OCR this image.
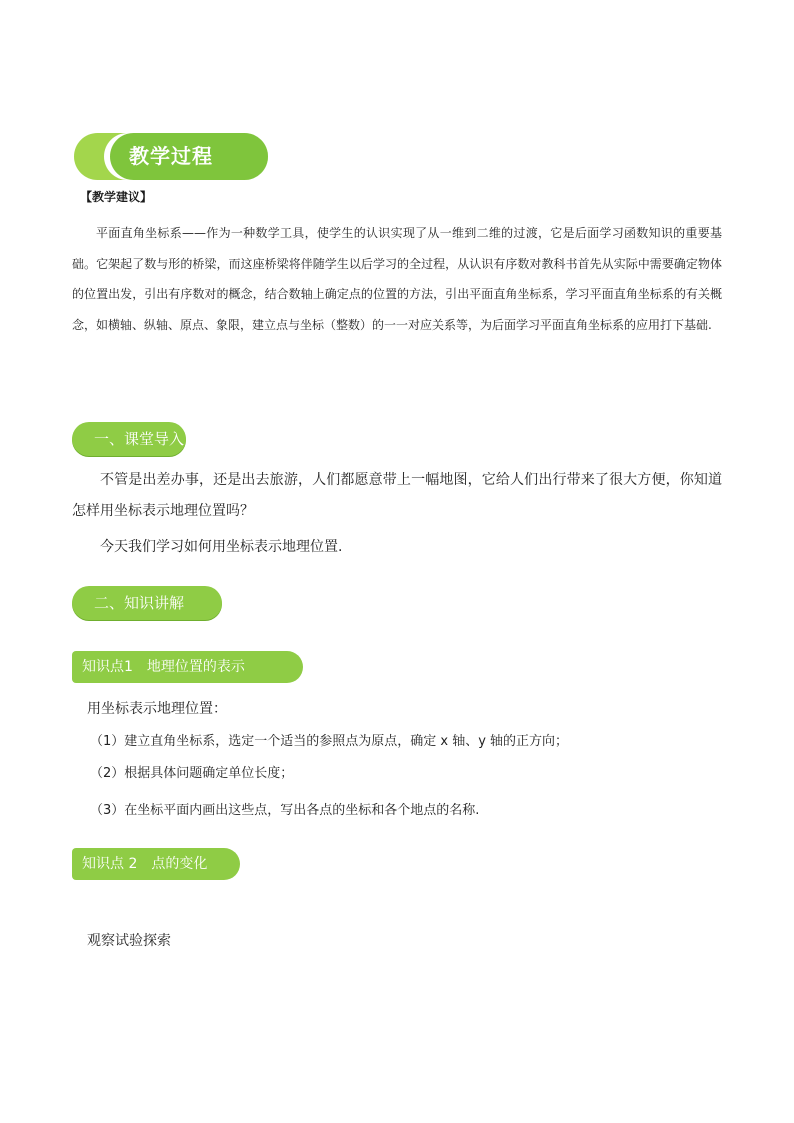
教学过程
【教学建议】
平面直角坐标系——作为一种数学工具，使学生的认识实现了从一维到二维的过渡，它是后面学习函数知识的重要基础。它架起了数与形的桥梁，而这座桥梁将伴随学生以后学习的全过程，从认识有序数对教科书首先从实际中需要确定物体的位置出发，引出有序数对的概念，结合数轴上确定点的位置的方法，引出平面直角坐标系，学习平面直角坐标系的有关概念，如横轴、纵轴、原点、象限，建立点与坐标（整数）的一一对应关系等，为后面学习平面直角坐标系的应用打下基础.
一、课堂导入
不管是出差办事，还是出去旅游，人们都愿意带上一幅地图，它给人们出行带来了很大方便，你知道怎样用坐标表示地理位置吗？
今天我们学习如何用坐标表示地理位置.
二、知识讲解
知识点1　地理位置的表示
用坐标表示地理位置：
（1）建立直角坐标系，选定一个适当的参照点为原点，确定 x 轴、y 轴的正方向；
（2）根据具体问题确定单位长度；
（3）在坐标平面内画出这些点，写出各点的坐标和各个地点的名称.
知识点 2　点的变化
观察试验探索
